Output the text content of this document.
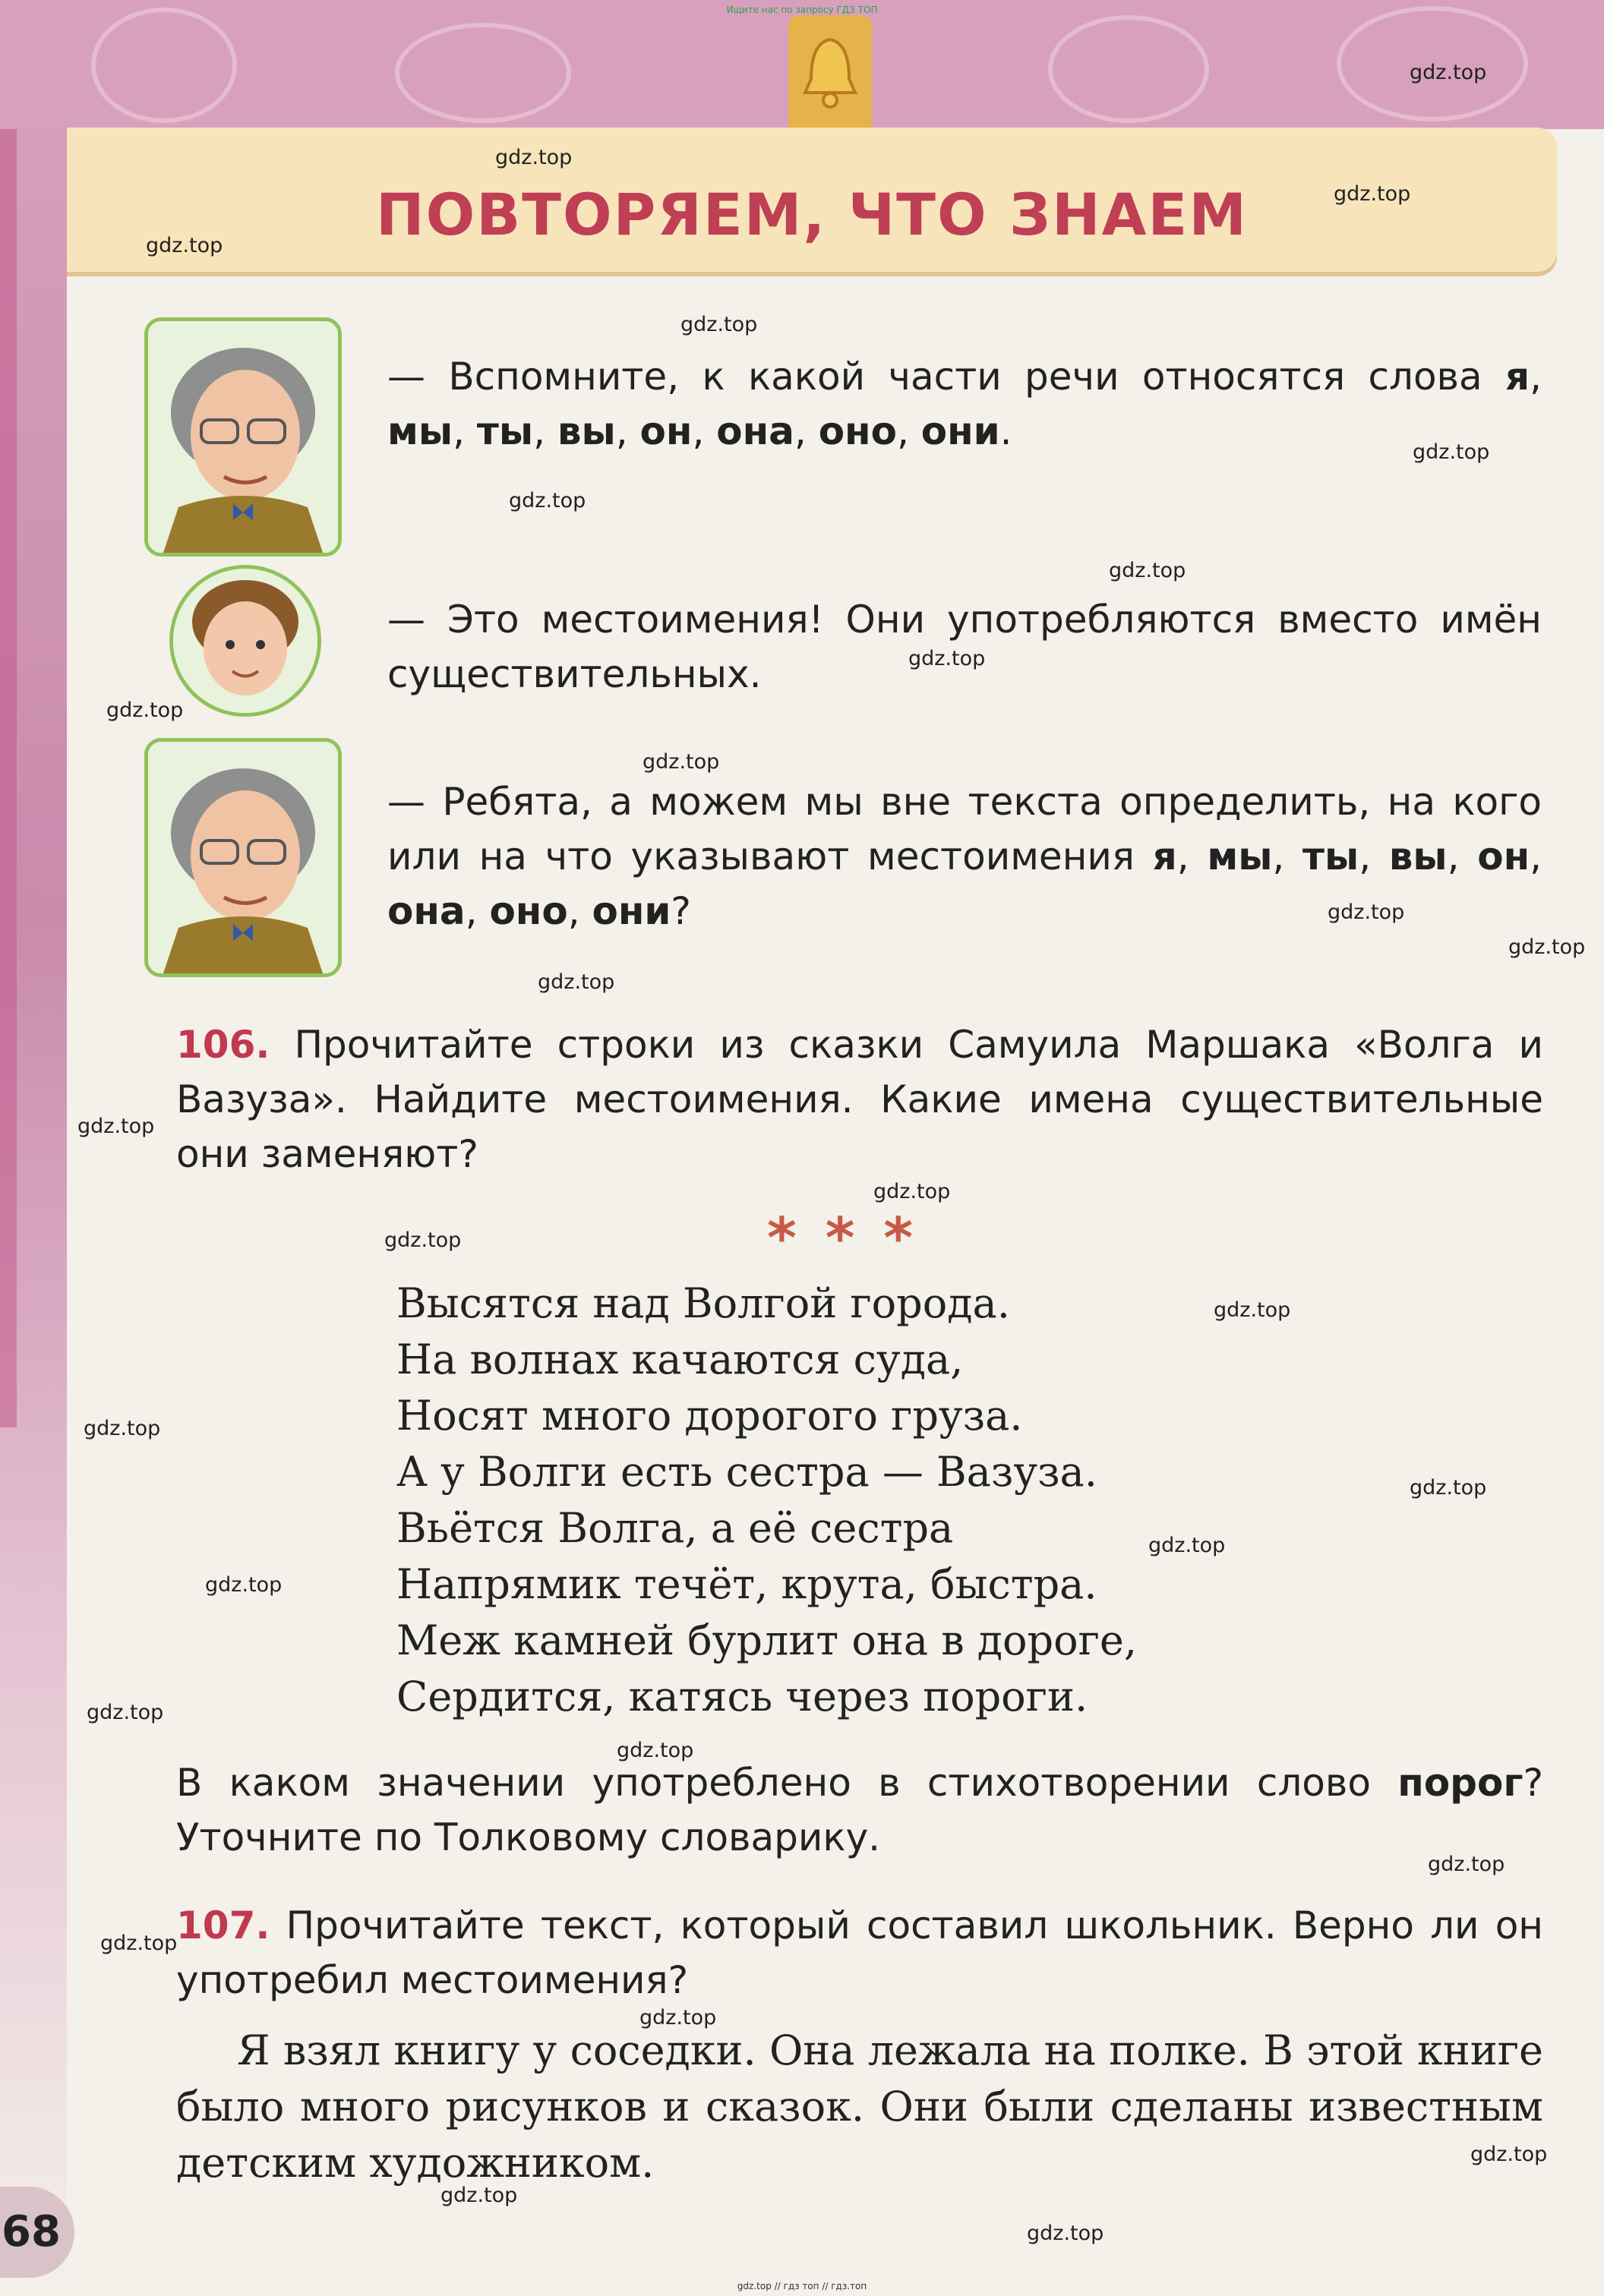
Ищите нас по запросу ГДЗ ТОП
ПОВТОРЯЕМ, ЧТО ЗНАЕМ
— Вспомните, к какой части речи относятся слова я, мы, ты, вы, он, она, оно, они.
— Это местоимения! Они употребляются вместо имён существительных.
— Ребята, а можем мы вне текста определить, на кого или на что указывают местоимения я, мы, ты, вы, он, она, оно, они?
106. Прочитайте строки из сказки Самуила Маршака «Волга и Вазуза». Найдите местоимения. Какие имена существительные они заменяют?
***
Высятся над Волгой города.
На волнах качаются суда,
Носят много дорогого груза.
А у Волги есть сестра — Вазуза.
Вьётся Волга, а её сестра
Напрямик течёт, крута, быстра.
Меж камней бурлит она в дороге,
Сердится, катясь через пороги.
В каком значении употреблено в стихотворении слово порог? Уточните по Толковому словарику.
107. Прочитайте текст, который составил школьник. Верно ли он употребил местоимения?
Я взял книгу у соседки. Она лежала на полке. В этой книге было много рисунков и сказок. Они были сделаны известным детским художником.
68
gdz.top
gdz.top
gdz.top
gdz.top
gdz.top
gdz.top
gdz.top
gdz.top
gdz.top
gdz.top
gdz.top
gdz.top
gdz.top
gdz.top
gdz.top
gdz.top
gdz.top
gdz.top
gdz.top
gdz.top
gdz.top
gdz.top
gdz.top
gdz.top
gdz.top
gdz.top
gdz.top
gdz.top
gdz.top
gdz.top
gdz.top // гдз топ // гдз.топ
